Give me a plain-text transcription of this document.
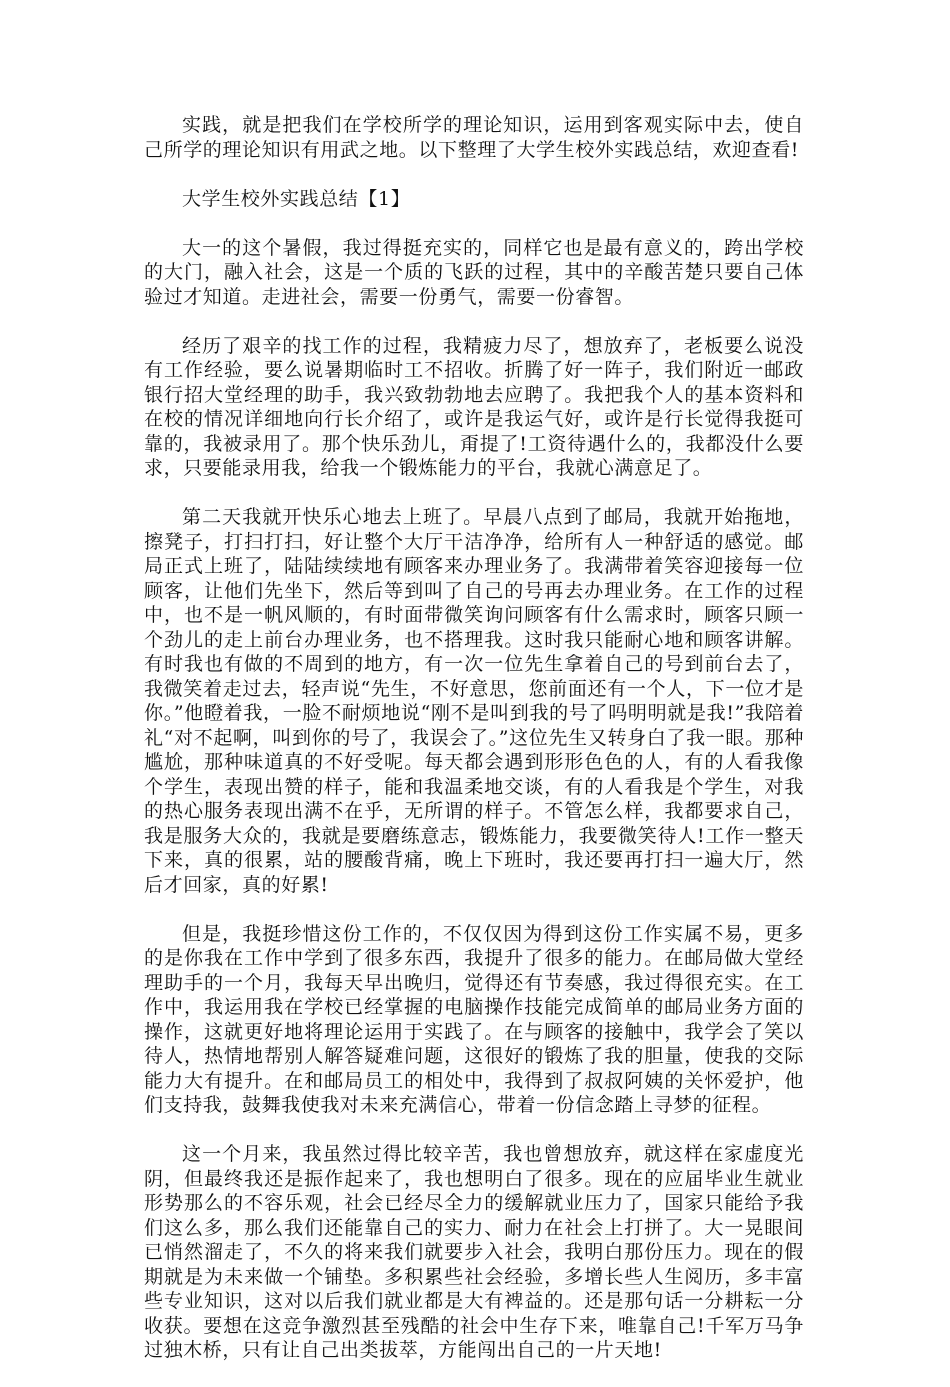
实践，就是把我们在学校所学的理论知识，运用到客观实际中去，使自己所学的理论知识有用武之地。以下整理了大学生校外实践总结，欢迎查看!

大学生校外实践总结【1】

大一的这个暑假，我过得挺充实的，同样它也是最有意义的，跨出学校的大门，融入社会，这是一个质的飞跃的过程，其中的辛酸苦楚只要自己体验过才知道。走进社会，需要一份勇气，需要一份睿智。

经历了艰辛的找工作的过程，我精疲力尽了，想放弃了，老板要么说没有工作经验，要么说暑期临时工不招收。折腾了好一阵子，我们附近一邮政银行招大堂经理的助手，我兴致勃勃地去应聘了。我把我个人的基本资料和在校的情况详细地向行长介绍了，或许是我运气好，或许是行长觉得我挺可靠的，我被录用了。那个快乐劲儿，甭提了!工资待遇什么的，我都没什么要求，只要能录用我，给我一个锻炼能力的平台，我就心满意足了。

第二天我就开快乐心地去上班了。早晨八点到了邮局，我就开始拖地，擦凳子，打扫打扫，好让整个大厅干洁净净，给所有人一种舒适的感觉。邮局正式上班了，陆陆续续地有顾客来办理业务了。我满带着笑容迎接每一位顾客，让他们先坐下，然后等到叫了自己的号再去办理业务。在工作的过程中，也不是一帆风顺的，有时面带微笑询问顾客有什么需求时，顾客只顾一个劲儿的走上前台办理业务，也不搭理我。这时我只能耐心地和顾客讲解。有时我也有做的不周到的地方，有一次一位先生拿着自己的号到前台去了，我微笑着走过去，轻声说“先生，不好意思，您前面还有一个人，下一位才是你。”他瞪着我，一脸不耐烦地说“刚不是叫到我的号了吗明明就是我!”我陪着礼“对不起啊，叫到你的号了，我误会了。”这位先生又转身白了我一眼。那种尴尬，那种味道真的不好受呢。每天都会遇到形形色色的人，有的人看我像个学生，表现出赞的样子，能和我温柔地交谈，有的人看我是个学生，对我的热心服务表现出满不在乎，无所谓的样子。不管怎么样，我都要求自己，我是服务大众的，我就是要磨练意志，锻炼能力，我要微笑待人!工作一整天下来，真的很累，站的腰酸背痛，晚上下班时，我还要再打扫一遍大厅，然后才回家，真的好累!

但是，我挺珍惜这份工作的，不仅仅因为得到这份工作实属不易，更多的是你我在工作中学到了很多东西，我提升了很多的能力。在邮局做大堂经理助手的一个月，我每天早出晚归，觉得还有节奏感，我过得很充实。在工作中，我运用我在学校已经掌握的电脑操作技能完成简单的邮局业务方面的操作，这就更好地将理论运用于实践了。在与顾客的接触中，我学会了笑以待人，热情地帮别人解答疑难问题，这很好的锻炼了我的胆量，使我的交际能力大有提升。在和邮局员工的相处中，我得到了叔叔阿姨的关怀爱护，他们支持我，鼓舞我使我对未来充满信心，带着一份信念踏上寻梦的征程。

这一个月来，我虽然过得比较辛苦，我也曾想放弃，就这样在家虚度光阴，但最终我还是振作起来了，我也想明白了很多。现在的应届毕业生就业形势那么的不容乐观，社会已经尽全力的缓解就业压力了，国家只能给予我们这么多，那么我们还能靠自己的实力、耐力在社会上打拼了。大一晃眼间已悄然溜走了，不久的将来我们就要步入社会，我明白那份压力。现在的假期就是为未来做一个铺垫。多积累些社会经验，多增长些人生阅历，多丰富些专业知识，这对以后我们就业都是大有裨益的。还是那句话一分耕耘一分收获。要想在这竞争激烈甚至残酷的社会中生存下来，唯靠自己!千军万马争过独木桥，只有让自己出类拔萃，方能闯出自己的一片天地!
